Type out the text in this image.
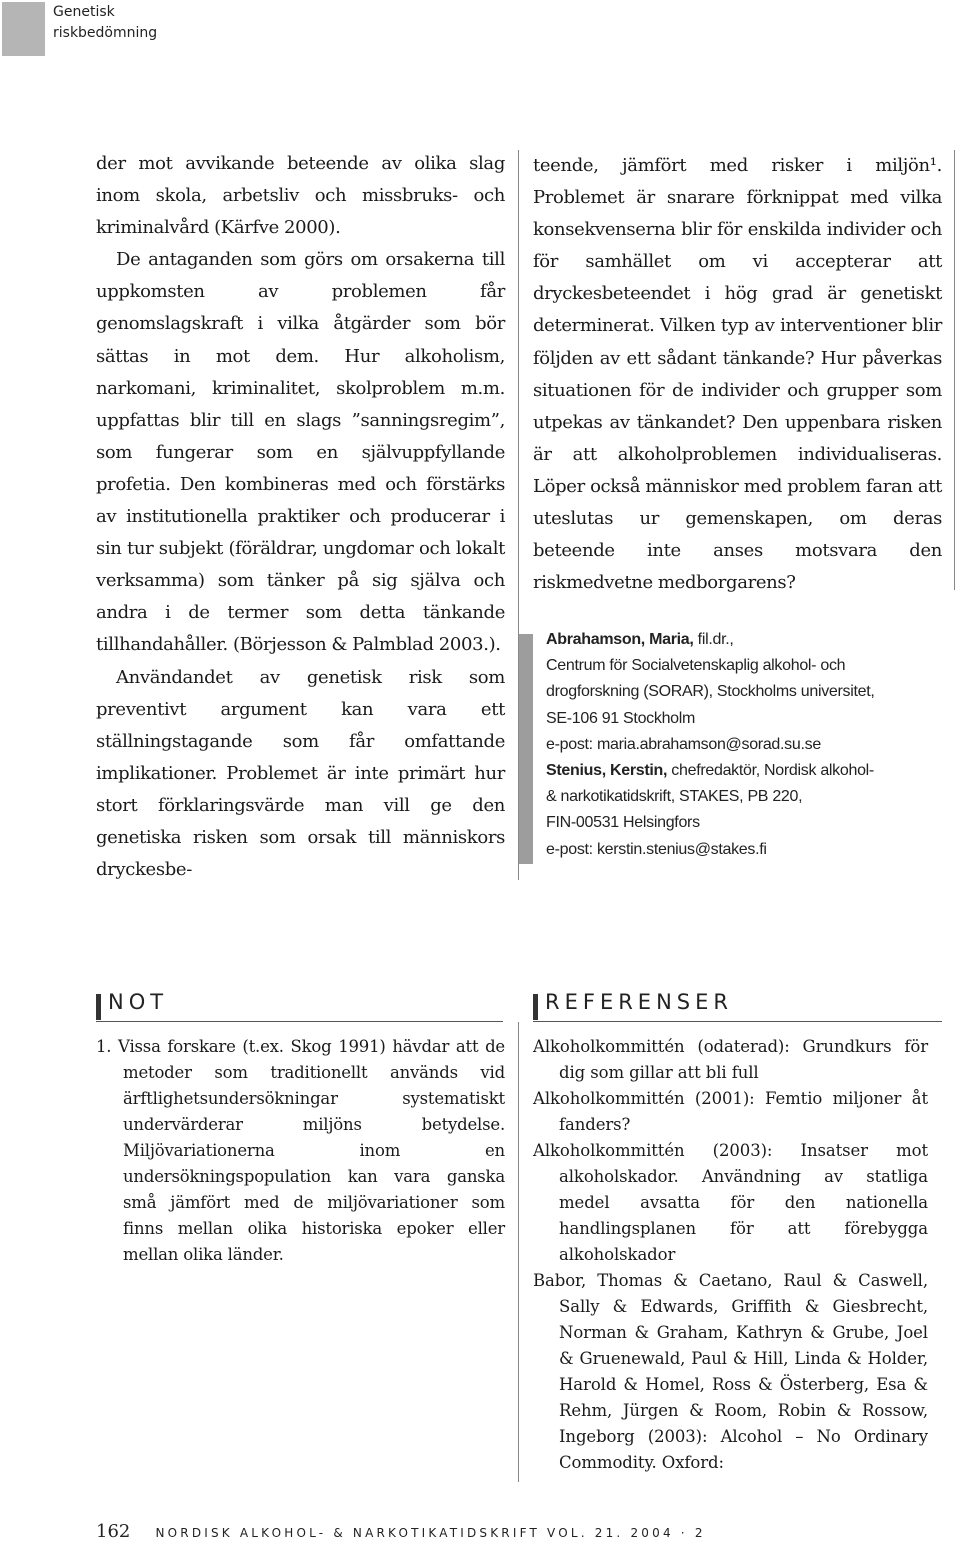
Genetisk riskbedömning

der mot avvikande beteende av olika slag inom skola, arbetsliv och missbruks- och kriminalvård (Kärfve 2000).

De antaganden som görs om orsakerna till uppkomsten av problemen får genomslagskraft i vilka åtgärder som bör sättas in mot dem. Hur alkoholism, narkomani, kriminalitet, skolproblem m.m. uppfattas blir till en slags ”sanningsregim”, som fungerar som en självuppfyllande profetia. Den kombineras med och förstärks av institutionella praktiker och producerar i sin tur subjekt (föräldrar, ungdomar och lokalt verksamma) som tänker på sig själva och andra i de termer som detta tänkande tillhandahåller. (Börjesson & Palmblad 2003.).

Användandet av genetisk risk som preventivt argument kan vara ett ställningstagande som får omfattande implikationer. Problemet är inte primärt hur stort förklaringsvärde man vill ge den genetiska risken som orsak till människors dryckesbe-

teende, jämfört med risker i miljön¹. Problemet är snarare förknippat med vilka konsekvenserna blir för enskilda individer och för samhället om vi accepterar att dryckesbeteendet i hög grad är genetiskt determinerat. Vilken typ av interventioner blir följden av ett sådant tänkande? Hur påverkas situationen för de individer och grupper som utpekas av tänkandet? Den uppenbara risken är att alkoholproblemen individualiseras. Löper också människor med problem faran att uteslutas ur gemenskapen, om deras beteende inte anses motsvara den riskmedvetne medborgarens?

Abrahamson, Maria, fil.dr.,
Centrum för Socialvetenskaplig alkohol- och
drogforskning (SORAR), Stockholms universitet,
SE-106 91 Stockholm
e-post: maria.abrahamson@sorad.su.se
Stenius, Kerstin, chefredaktör, Nordisk alkohol-
& narkotikatidskrift, STAKES, PB 220,
FIN-00531 Helsingfors
e-post: kerstin.stenius@stakes.fi
NOT	REFERENSER
1. Vissa forskare (t.ex. Skog 1991) hävdar att de metoder som traditionellt används vid ärftlighetsundersökningar systematiskt undervärderar miljöns betydelse. Miljövariationerna inom en undersökningspopulation kan vara ganska små jämfört med de miljövariationer som finns mellan olika historiska epoker eller mellan olika länder.
Alkoholkommittén (odaterad): Grundkurs för dig som gillar att bli full
Alkoholkommittén (2001): Femtio miljoner åt fanders?
Alkoholkommittén (2003): Insatser mot alkoholskador. Användning av statliga medel avsatta för den nationella handlingsplanen för att förebygga alkoholskador
Babor, Thomas & Caetano, Raul & Caswell, Sally & Edwards, Griffith & Giesbrecht, Norman & Graham, Kathryn & Grube, Joel & Gruenewald, Paul & Hill, Linda & Holder, Harold & Homel, Ross & Österberg, Esa & Rehm, Jürgen & Room, Robin & Rossow, Ingeborg (2003): Alcohol – No Ordinary Commodity. Oxford:
162 NORDISK ALKOHOL- & NARKOTIKATIDSKRIFT VOL. 21. 2004 · 2
